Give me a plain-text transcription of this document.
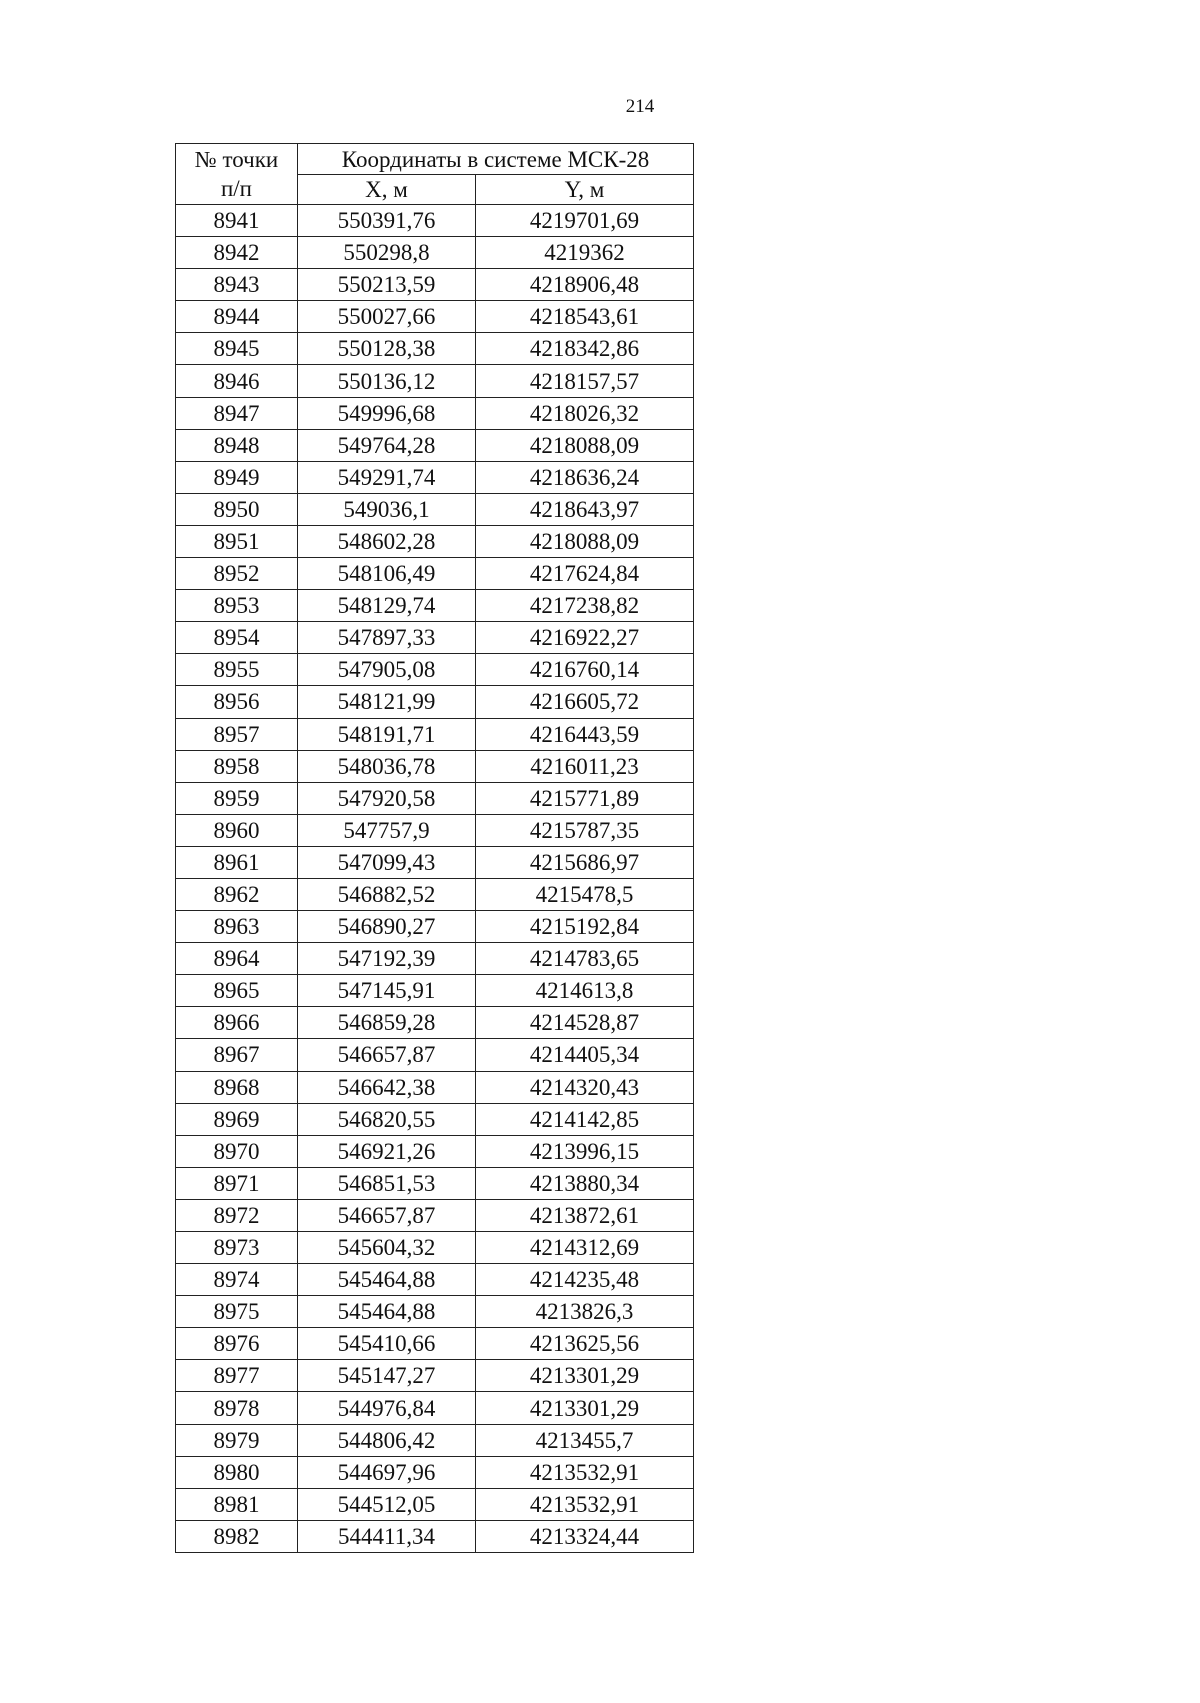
214
№ точки
п/п	Координаты в системе МСК-28	
	X, м	Y, м
8941	550391,76	4219701,69
8942	550298,8	4219362
8943	550213,59	4218906,48
8944	550027,66	4218543,61
8945	550128,38	4218342,86
8946	550136,12	4218157,57
8947	549996,68	4218026,32
8948	549764,28	4218088,09
8949	549291,74	4218636,24
8950	549036,1	4218643,97
8951	548602,28	4218088,09
8952	548106,49	4217624,84
8953	548129,74	4217238,82
8954	547897,33	4216922,27
8955	547905,08	4216760,14
8956	548121,99	4216605,72
8957	548191,71	4216443,59
8958	548036,78	4216011,23
8959	547920,58	4215771,89
8960	547757,9	4215787,35
8961	547099,43	4215686,97
8962	546882,52	4215478,5
8963	546890,27	4215192,84
8964	547192,39	4214783,65
8965	547145,91	4214613,8
8966	546859,28	4214528,87
8967	546657,87	4214405,34
8968	546642,38	4214320,43
8969	546820,55	4214142,85
8970	546921,26	4213996,15
8971	546851,53	4213880,34
8972	546657,87	4213872,61
8973	545604,32	4214312,69
8974	545464,88	4214235,48
8975	545464,88	4213826,3
8976	545410,66	4213625,56
8977	545147,27	4213301,29
8978	544976,84	4213301,29
8979	544806,42	4213455,7
8980	544697,96	4213532,91
8981	544512,05	4213532,91
8982	544411,34	4213324,44
